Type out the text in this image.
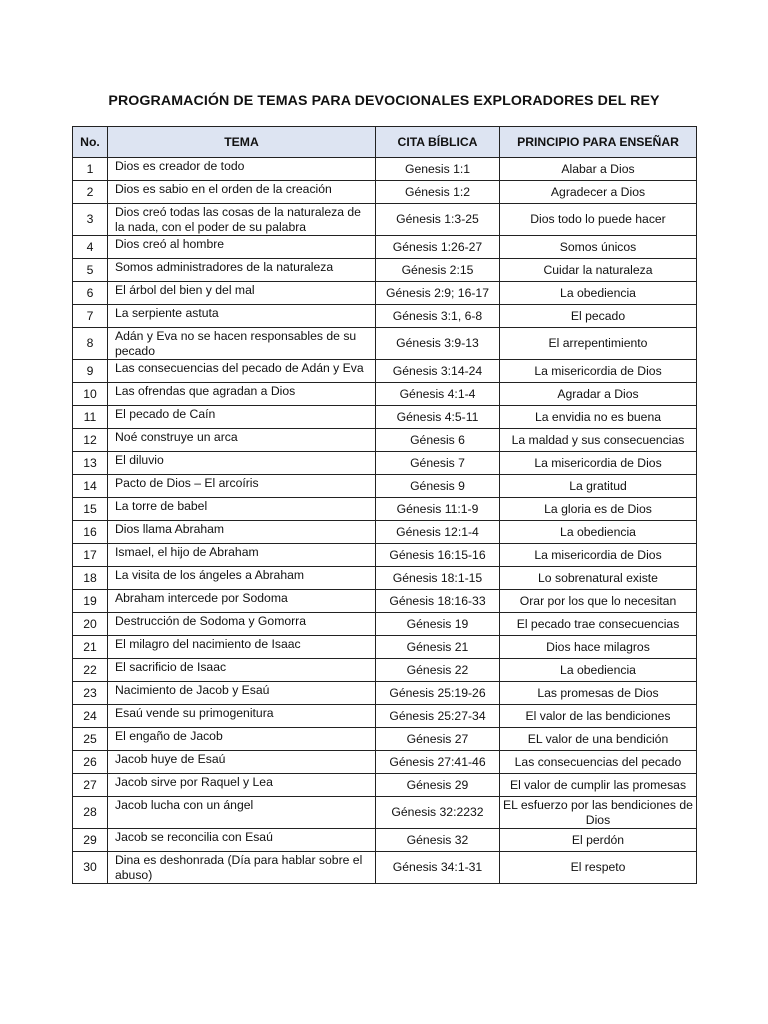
PROGRAMACIÓN DE TEMAS PARA DEVOCIONALES EXPLORADORES DEL REY
No.	TEMA	CITA BÍBLICA	PRINCIPIO PARA ENSEÑAR
1	Dios es creador de todo	Genesis 1:1	Alabar a Dios
2	Dios es sabio en el orden de la creación	Génesis 1:2	Agradecer a Dios
3	Dios creó todas las cosas de la naturaleza de la nada, con el poder de su palabra	Génesis 1:3-25	Dios todo lo puede hacer
4	Dios creó al hombre	Génesis 1:26-27	Somos únicos
5	Somos administradores de la naturaleza	Génesis 2:15	Cuidar la naturaleza
6	El árbol del bien y del mal	Génesis 2:9; 16-17	La obediencia
7	La serpiente astuta	Génesis 3:1, 6-8	El pecado
8	Adán y Eva no se hacen responsables de su pecado	Génesis 3:9-13	El arrepentimiento
9	Las consecuencias del pecado de Adán y Eva	Génesis 3:14-24	La misericordia de Dios
10	Las ofrendas que agradan a Dios	Génesis 4:1-4	Agradar a Dios
11	El pecado de Caín	Génesis 4:5-11	La envidia no es buena
12	Noé construye un arca	Génesis 6	La maldad y sus consecuencias
13	El diluvio	Génesis 7	La misericordia de Dios
14	Pacto de Dios – El arcoíris	Génesis 9	La gratitud
15	La torre de babel	Génesis 11:1-9	La gloria es de Dios
16	Dios llama Abraham	Génesis 12:1-4	La obediencia
17	Ismael, el hijo de Abraham	Génesis 16:15-16	La misericordia de Dios
18	La visita de los ángeles a Abraham	Génesis 18:1-15	Lo sobrenatural existe
19	Abraham intercede por Sodoma	Génesis 18:16-33	Orar por los que lo necesitan
20	Destrucción de Sodoma y Gomorra	Génesis 19	El pecado trae consecuencias
21	El milagro del nacimiento de Isaac	Génesis 21	Dios hace milagros
22	El sacrificio de Isaac	Génesis 22	La obediencia
23	Nacimiento de Jacob y Esaú	Génesis 25:19-26	Las promesas de Dios
24	Esaú vende su primogenitura	Génesis 25:27-34	El valor de las bendiciones
25	El engaño de Jacob	Génesis 27	EL valor de una bendición
26	Jacob huye de Esaú	Génesis 27:41-46	Las consecuencias del pecado
27	Jacob sirve por Raquel y Lea	Génesis 29	El valor de cumplir las promesas
28	Jacob lucha con un ángel	Génesis 32:2232	EL esfuerzo por las bendiciones de Dios
29	Jacob se reconcilia con Esaú	Génesis 32	El perdón
30	Dina es deshonrada (Día para hablar sobre el abuso)	Génesis 34:1-31	El respeto
